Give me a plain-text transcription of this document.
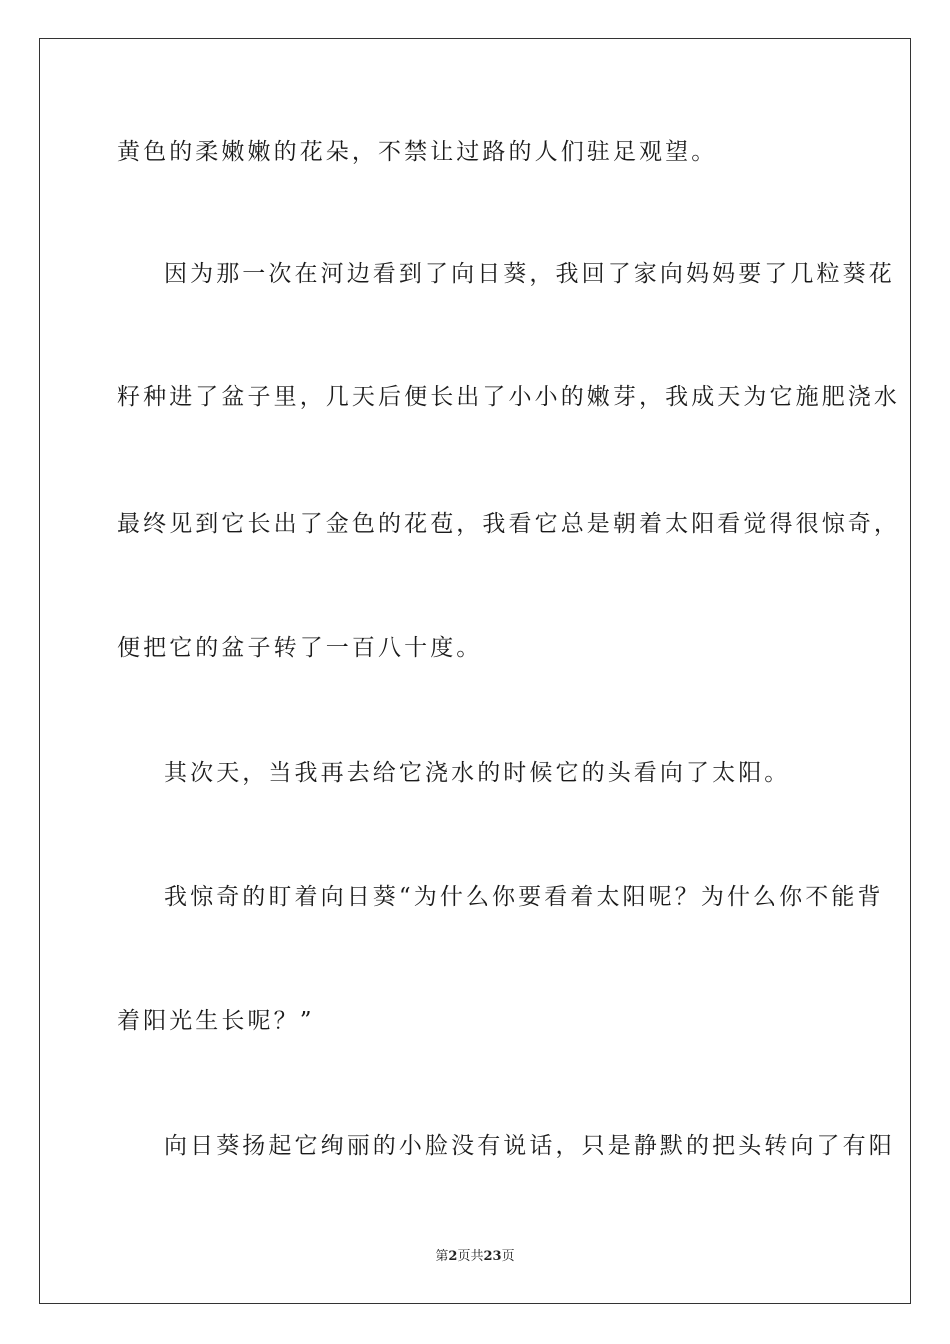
黄色的柔嫩嫩的花朵，不禁让过路的人们驻足观望。
因为那一次在河边看到了向日葵，我回了家向妈妈要了几粒葵花
籽种进了盆子里，几天后便长出了小小的嫩芽，我成天为它施肥浇水
最终见到它长出了金色的花苞，我看它总是朝着太阳看觉得很惊奇，
便把它的盆子转了一百八十度。
其次天，当我再去给它浇水的时候它的头看向了太阳。
我惊奇的盯着向日葵“为什么你要看着太阳呢？为什么你不能背
着阳光生长呢？”
向日葵扬起它绚丽的小脸没有说话，只是静默的把头转向了有阳
第2页共23页
